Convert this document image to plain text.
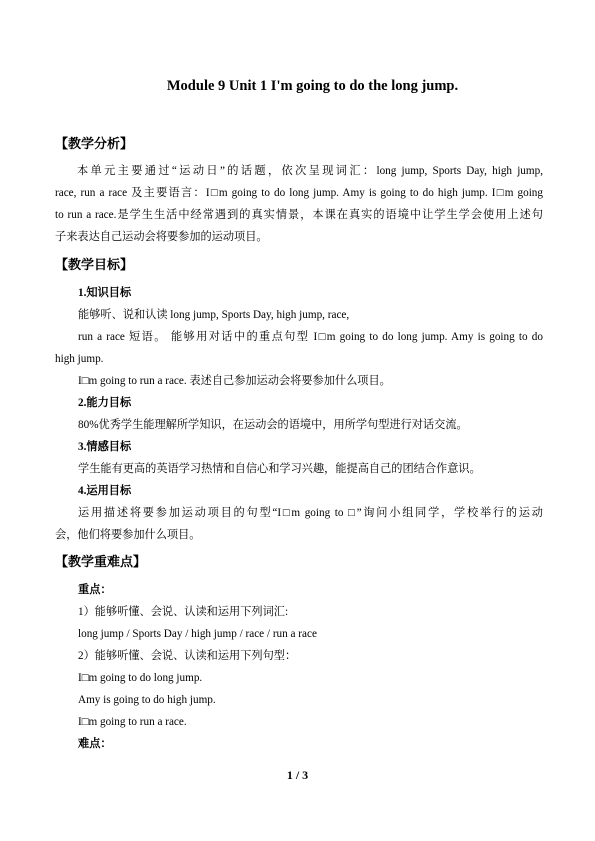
Module 9 Unit 1 I'm going to do the long jump.
【教学分析】
本单元主要通过“运动日”的话题，依次呈现词汇：long jump, Sports Day, high jump,
race, run a race 及主要语言：I□m going to do long jump. Amy is going to do high jump. I□m going
to run a race.是学生生活中经常遇到的真实情景，本课在真实的语境中让学生学会使用上述句
子来表达自己运动会将要参加的运动项目。
【教学目标】
1.知识目标
能够听、说和认读 long jump, Sports Day, high jump, race,
run a race 短语。 能够用对话中的重点句型 I□m going to do long jump. Amy is going to do
high jump.
I□m going to run a race. 表述自己参加运动会将要参加什么项目。
2.能力目标
80%优秀学生能理解所学知识，在运动会的语境中，用所学句型进行对话交流。
3.情感目标
学生能有更高的英语学习热情和自信心和学习兴趣，能提高自己的团结合作意识。
4.运用目标
运用描述将要参加运动项目的句型“I□m going to □”询问小组同学，学校举行的运动
会，他们将要参加什么项目。
【教学重难点】
重点：
1）能够听懂、会说、认读和运用下列词汇:
long jump / Sports Day / high jump / race / run a race
2）能够听懂、会说、认读和运用下列句型：
I□m going to do long jump.
Amy is going to do high jump.
I□m going to run a race.
难点：
1 / 3
